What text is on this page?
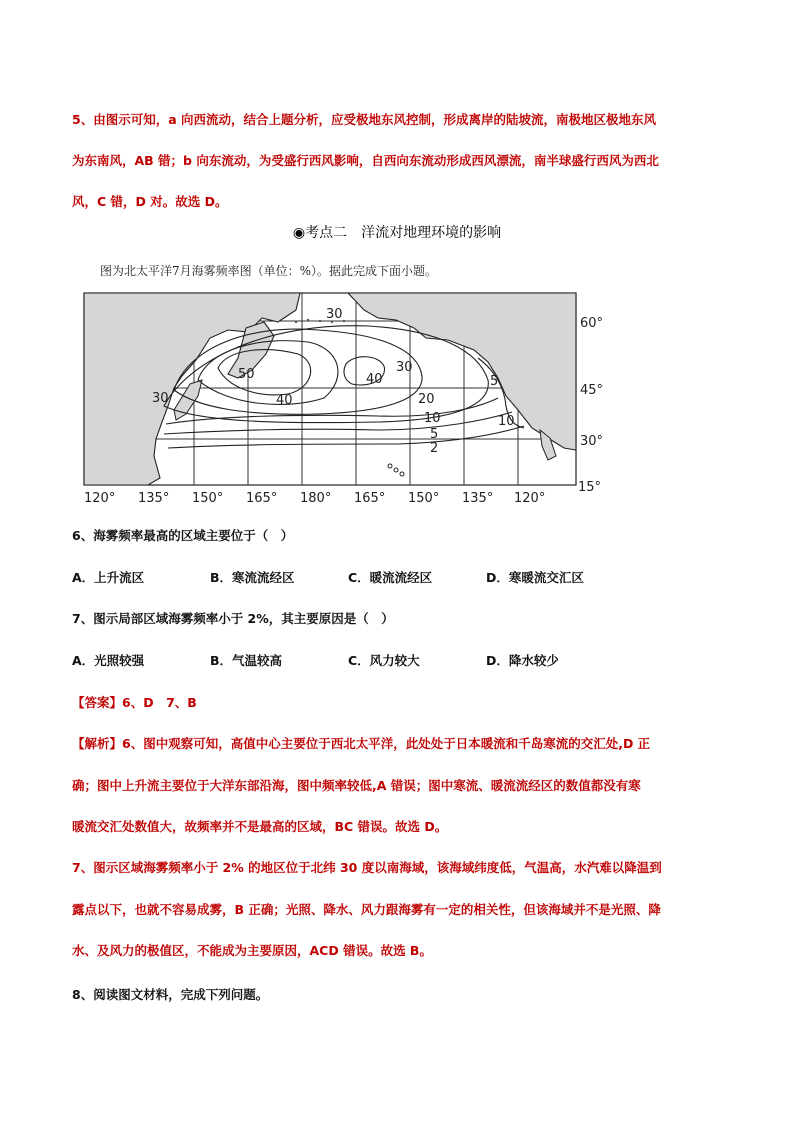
5、由图示可知，a 向西流动，结合上题分析，应受极地东风控制，形成离岸的陆坡流，南极地区极地东风
为东南风，AB 错；b 向东流动，为受盛行西风影响，自西向东流动形成西风漂流，南半球盛行西风为西北
风，C 错，D 对。故选 D。
◉考点二　洋流对地理环境的影响
图为北太平洋7月海雾频率图（单位：%）。据此完成下面小题。
30
50
40
40
30
30	20
10
5
2
5
10
60°
45°
30°
15°
120° 135° 150° 165° 180° 165° 150° 135° 120°
6、海雾频率最高的区域主要位于（　）
A．上升流区	B．寒流流经区	C．暖流流经区	D．寒暖流交汇区
7、图示局部区域海雾频率小于 2%，其主要原因是（　）
A．光照较强	B．气温较高	C．风力较大	D．降水较少
【答案】6、D　7、B
【解析】6、图中观察可知，高值中心主要位于西北太平洋，此处处于日本暖流和千岛寒流的交汇处,D 正
确；图中上升流主要位于大洋东部沿海，图中频率较低,A 错误；图中寒流、暖流流经区的数值都没有寒
暖流交汇处数值大，故频率并不是最高的区域，BC 错误。故选 D。
7、图示区域海雾频率小于 2% 的地区位于北纬 30 度以南海域，该海域纬度低，气温高，水汽难以降温到
露点以下，也就不容易成雾，B 正确；光照、降水、风力跟海雾有一定的相关性，但该海域并不是光照、降
水、及风力的极值区，不能成为主要原因，ACD 错误。故选 B。
8、阅读图文材料，完成下列问题。
